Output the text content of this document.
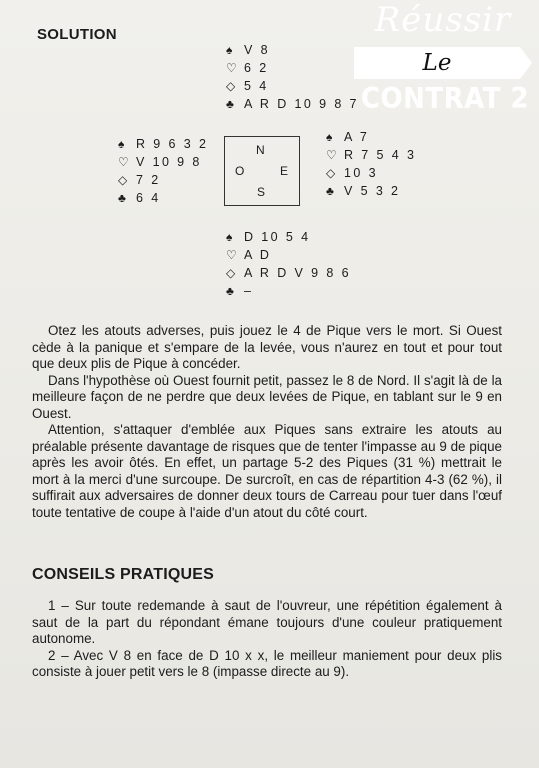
SOLUTION
♠ V 8
♡ 6 2
◇ 5 4
♣ A R D 10 9 8 7
♠ R 9 6 3 2
♡ V 10 9 8
◇ 7 2
♣ 6 4
N
O	E
S
♠ A 7
♡ R 7 5 4 3
◇ 10 3
♣ V 5 3 2
♠ D 10 5 4
♡ A D
◇ A R D V 9 8 6
♣ –

Otez les atouts adverses, puis jouez le 4 de Pique vers le mort. Si Ouest cède à la panique et s'empare de la levée, vous n'aurez en tout et pour tout que deux plis de Pique à concéder.

Dans l'hypothèse où Ouest fournit petit, passez le 8 de Nord. Il s'agit là de la meilleure façon de ne perdre que deux levées de Pique, en tablant sur le 9 en Ouest.

Attention, s'attaquer d'emblée aux Piques sans extraire les atouts au préalable présente davantage de risques que de tenter l'impasse au 9 de pique après les avoir ôtés. En effet, un partage 5-2 des Piques (31 %) mettrait le mort à la merci d'une surcoupe. De surcroît, en cas de répartition 4-3 (62 %), il suffirait aux adversaires de donner deux tours de Carreau pour tuer dans l'œuf toute tentative de coupe à l'aide d'un atout du côté court.

CONSEILS PRATIQUES

1 – Sur toute redemande à saut de l'ouvreur, une répétition également à saut de la part du répondant émane toujours d'une couleur pratiquement autonome.

2 – Avec V 8 en face de D 10 x x, le meilleur maniement pour deux plis consiste à jouer petit vers le 8 (impasse directe au 9).

Réussir
Le
CONTRAT 2
